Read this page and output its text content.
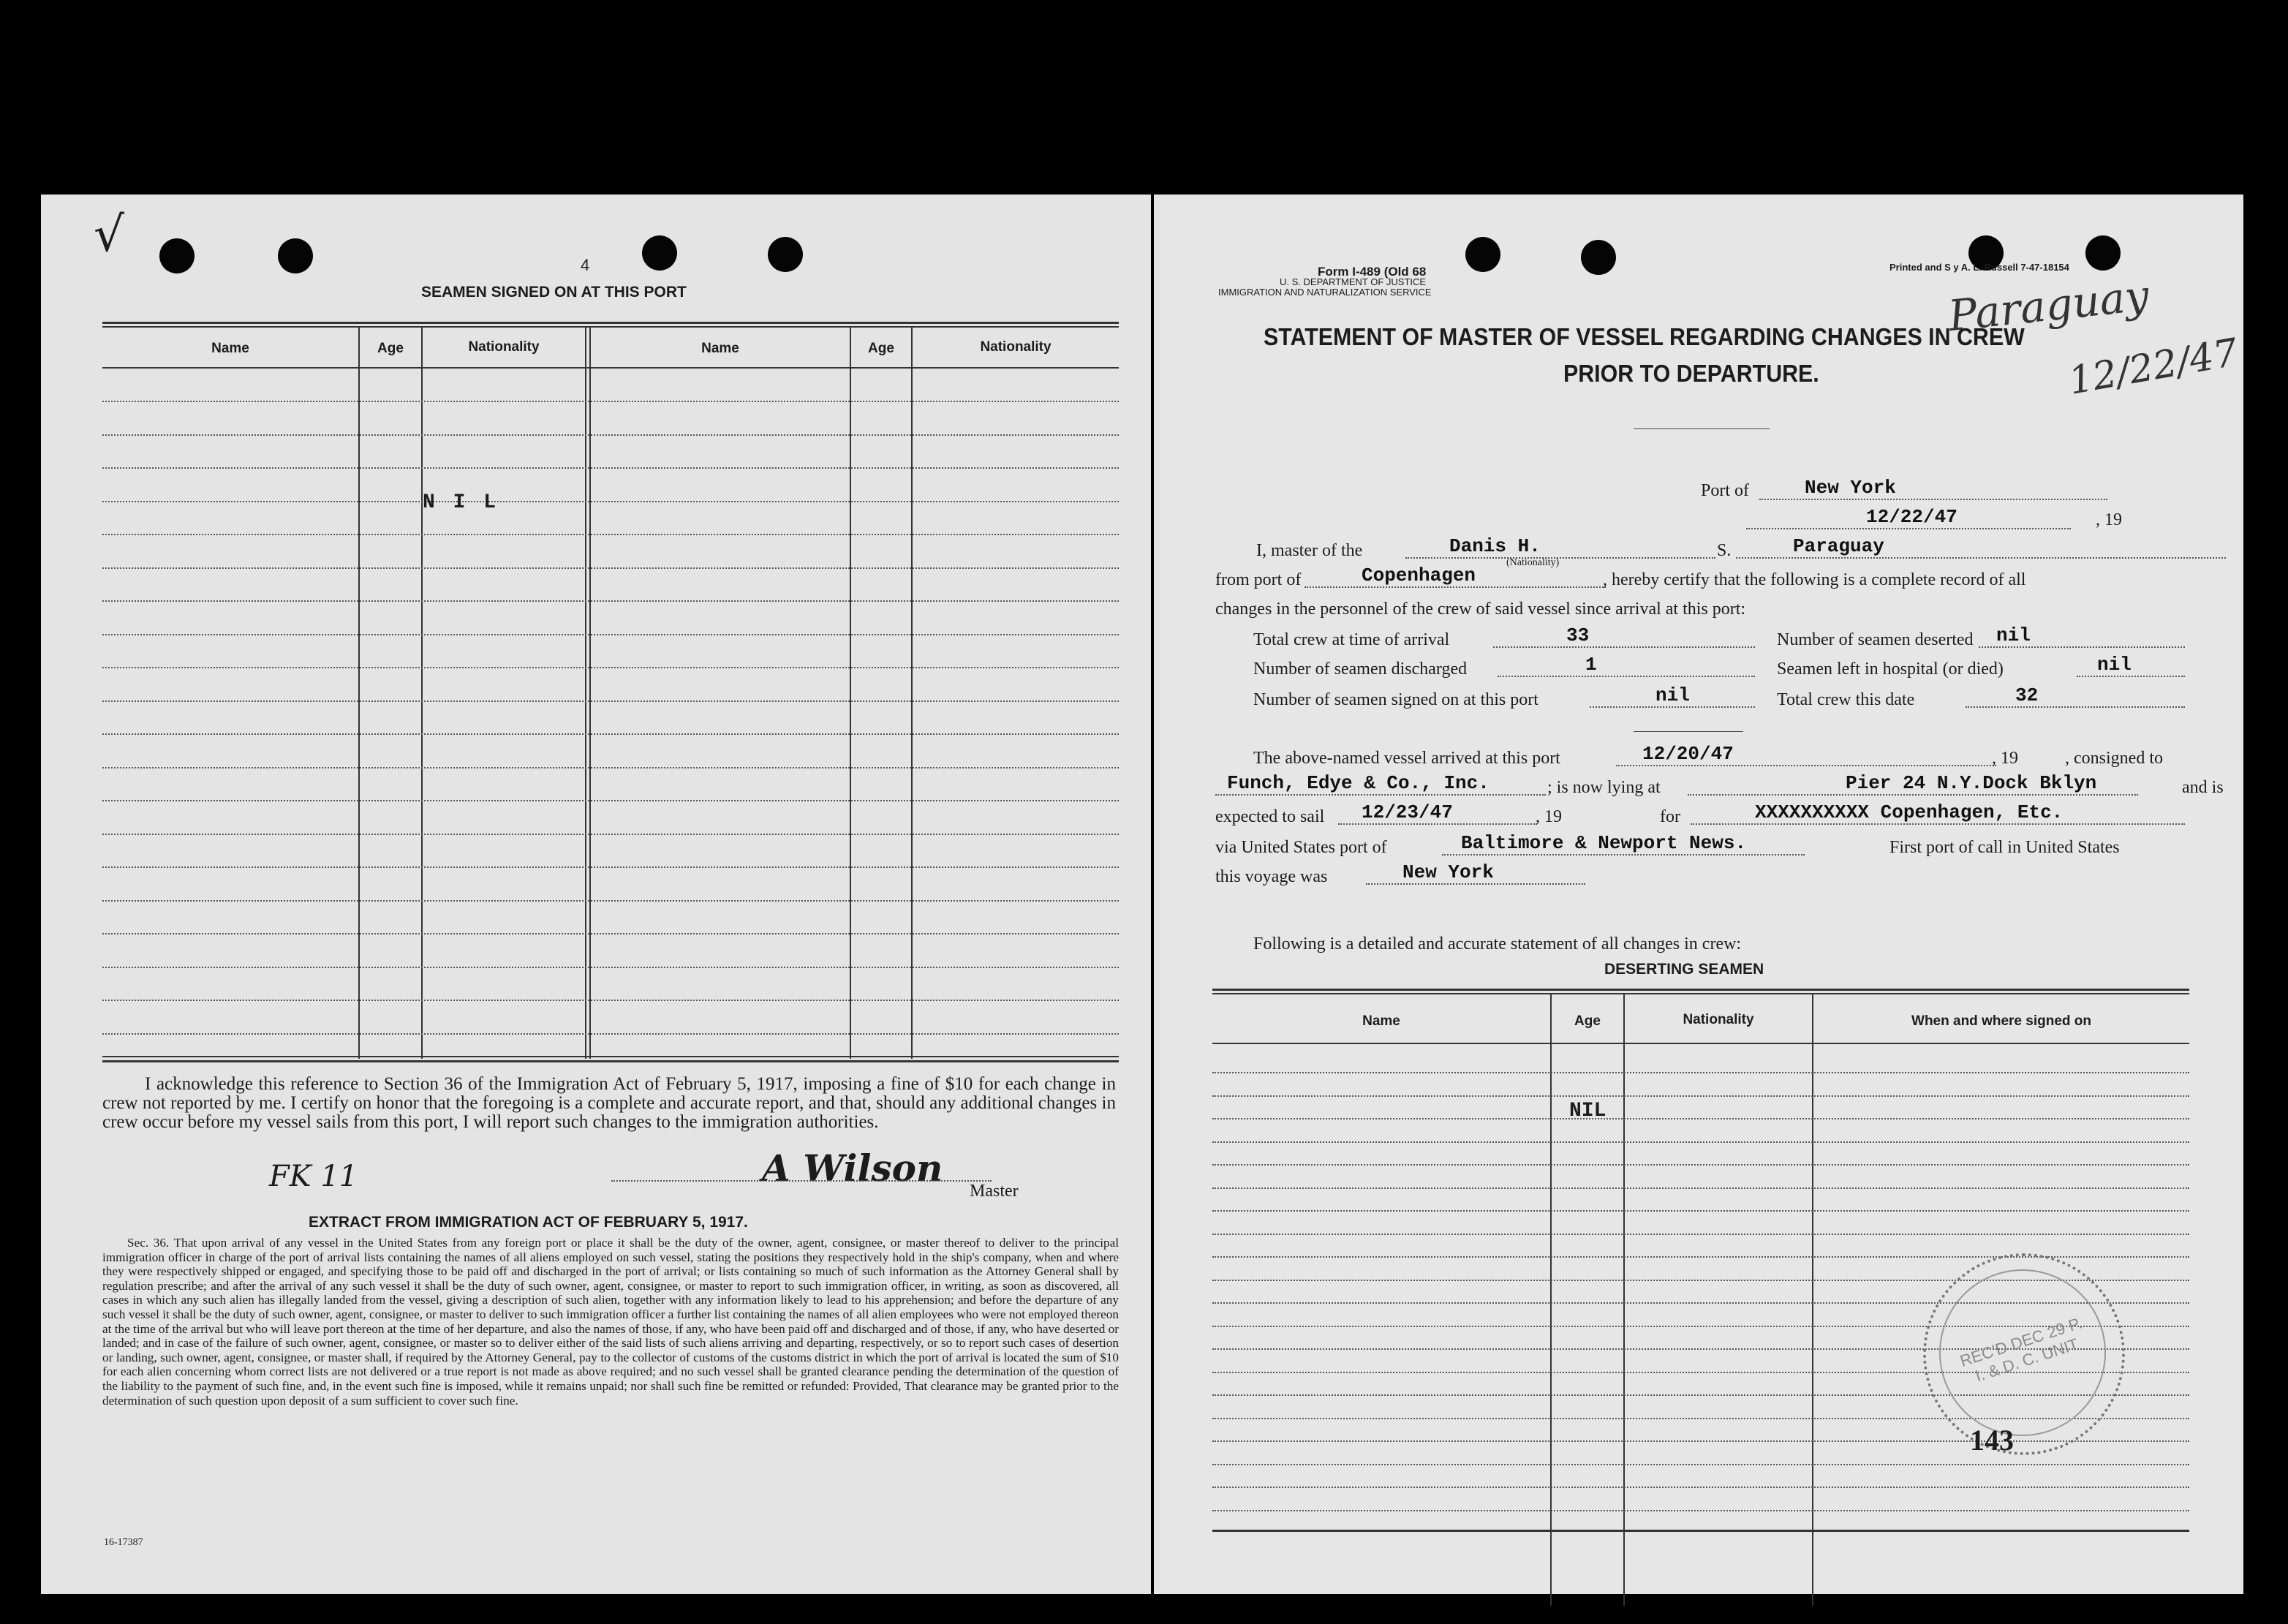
√
4
SEAMEN SIGNED ON AT THIS PORT
Name	Age	Nationality	Name	Age	Nationality
N I L
I acknowledge this reference to Section 36 of the Immigration Act of February 5, 1917, imposing a fine of $10 for each change in crew not reported by me. I certify on honor that the foregoing is a complete and accurate report, and that, should any additional changes in crew occur before my vessel sails from this port, I will report such changes to the immigration authorities.
FK 11	A Wilson
Master
EXTRACT FROM IMMIGRATION ACT OF FEBRUARY 5, 1917.
Sec. 36. That upon arrival of any vessel in the United States from any foreign port or place it shall be the duty of the owner, agent, consignee, or master thereof to deliver to the principal immigration officer in charge of the port of arrival lists containing the names of all aliens employed on such vessel, stating the positions they respectively hold in the ship's company, when and where they were respectively shipped or engaged, and specifying those to be paid off and discharged in the port of arrival; or lists containing so much of such information as the Attorney General shall by regulation prescribe; and after the arrival of any such vessel it shall be the duty of such owner, agent, consignee, or master to report to such immigration officer, in writing, as soon as discovered, all cases in which any such alien has illegally landed from the vessel, giving a description of such alien, together with any information likely to lead to his apprehension; and before the departure of any such vessel it shall be the duty of such owner, agent, consignee, or master to deliver to such immigration officer a further list containing the names of all alien employees who were not employed thereon at the time of the arrival but who will leave port thereon at the time of her departure, and also the names of those, if any, who have been paid off and discharged and of those, if any, who have deserted or landed; and in case of the failure of such owner, agent, consignee, or master so to deliver either of the said lists of such aliens arriving and departing, respectively, or so to report such cases of desertion or landing, such owner, agent, consignee, or master shall, if required by the Attorney General, pay to the collector of customs of the customs district in which the port of arrival is located the sum of $10 for each alien concerning whom correct lists are not delivered or a true report is not made as above required; and no such vessel shall be granted clearance pending the determination of the question of the liability to the payment of such fine, and, in the event such fine is imposed, while it remains unpaid; nor shall such fine be remitted or refunded: Provided, That clearance may be granted prior to the determination of such question upon deposit of a sum sufficient to cover such fine.
16-17387
Form I-489 (Old 68
U. S. DEPARTMENT OF JUSTICE
IMMIGRATION AND NATURALIZATION SERVICE
Printed and S y A. L. Russell 7-47-18154
Paraguay
12/22/47
STATEMENT OF MASTER OF VESSEL REGARDING CHANGES IN CREW
PRIOR TO DEPARTURE.
Port of	New York
12/22/47	, 19
I, master of the	Danis H.
(Nationality)
S.	Paraguay
from port of	Copenhagen	, hereby certify that the following is a complete record of all
changes in the personnel of the crew of said vessel since arrival at this port:
Total crew at time of arrival	33	Number of seamen deserted nil
Number of seamen discharged	1	Seamen left in hospital (or died)	nil
Number of seamen signed on at this port	nil	Total crew this date	32
The above-named vessel arrived at this port	12/20/47	, 19	, consigned to
Funch, Edye & Co., Inc.	; is now lying at	Pier 24 N.Y.Dock Bklyn	and is
expected to sail 12/23/47	, 19	for	XXXXXXXXXX Copenhagen, Etc.
via United States port of	Baltimore & Newport News.	First port of call in United States
this voyage was	New York
Following is a detailed and accurate statement of all changes in crew:
DESERTING SEAMEN
Name	Age	Nationality	When and where signed on
NIL
REC'D DEC 29 P. I. & D. C. UNIT
143
